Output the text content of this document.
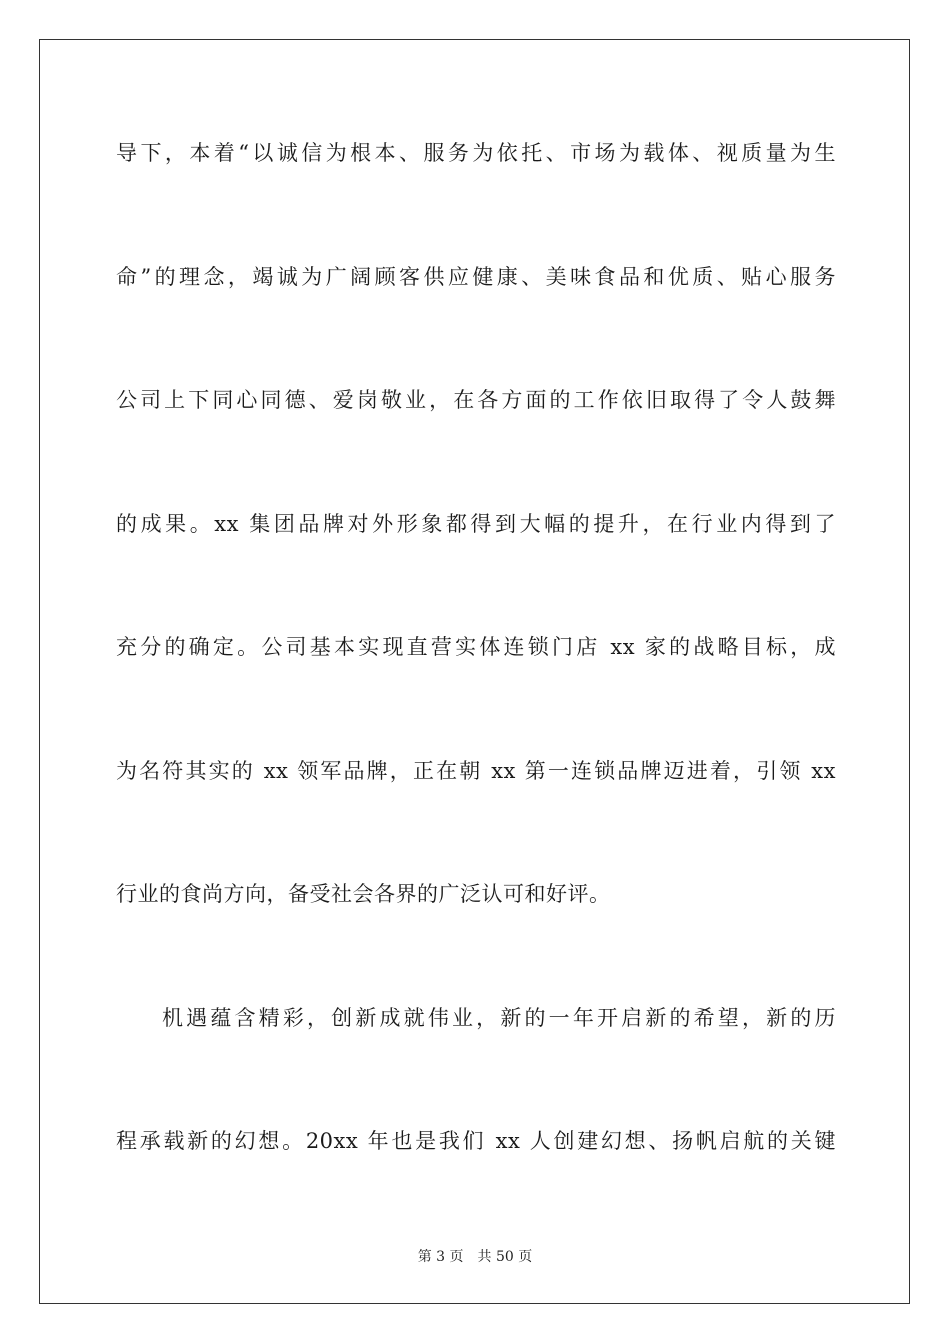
导下，本着“以诚信为根本、服务为依托、市场为载体、视质量为生
命”的理念，竭诚为广阔顾客供应健康、美味食品和优质、贴心服务
公司上下同心同德、爱岗敬业，在各方面的工作依旧取得了令人鼓舞
的成果。xx 集团品牌对外形象都得到大幅的提升，在行业内得到了
充分的确定。公司基本实现直营实体连锁门店 xx 家的战略目标，成
为名符其实的 xx 领军品牌，正在朝 xx 第一连锁品牌迈进着，引领 xx
行业的食尚方向，备受社会各界的广泛认可和好评。
机遇蕴含精彩，创新成就伟业，新的一年开启新的希望，新的历
程承载新的幻想。20xx 年也是我们 xx 人创建幻想、扬帆启航的关键
第 3 页 共 50 页
